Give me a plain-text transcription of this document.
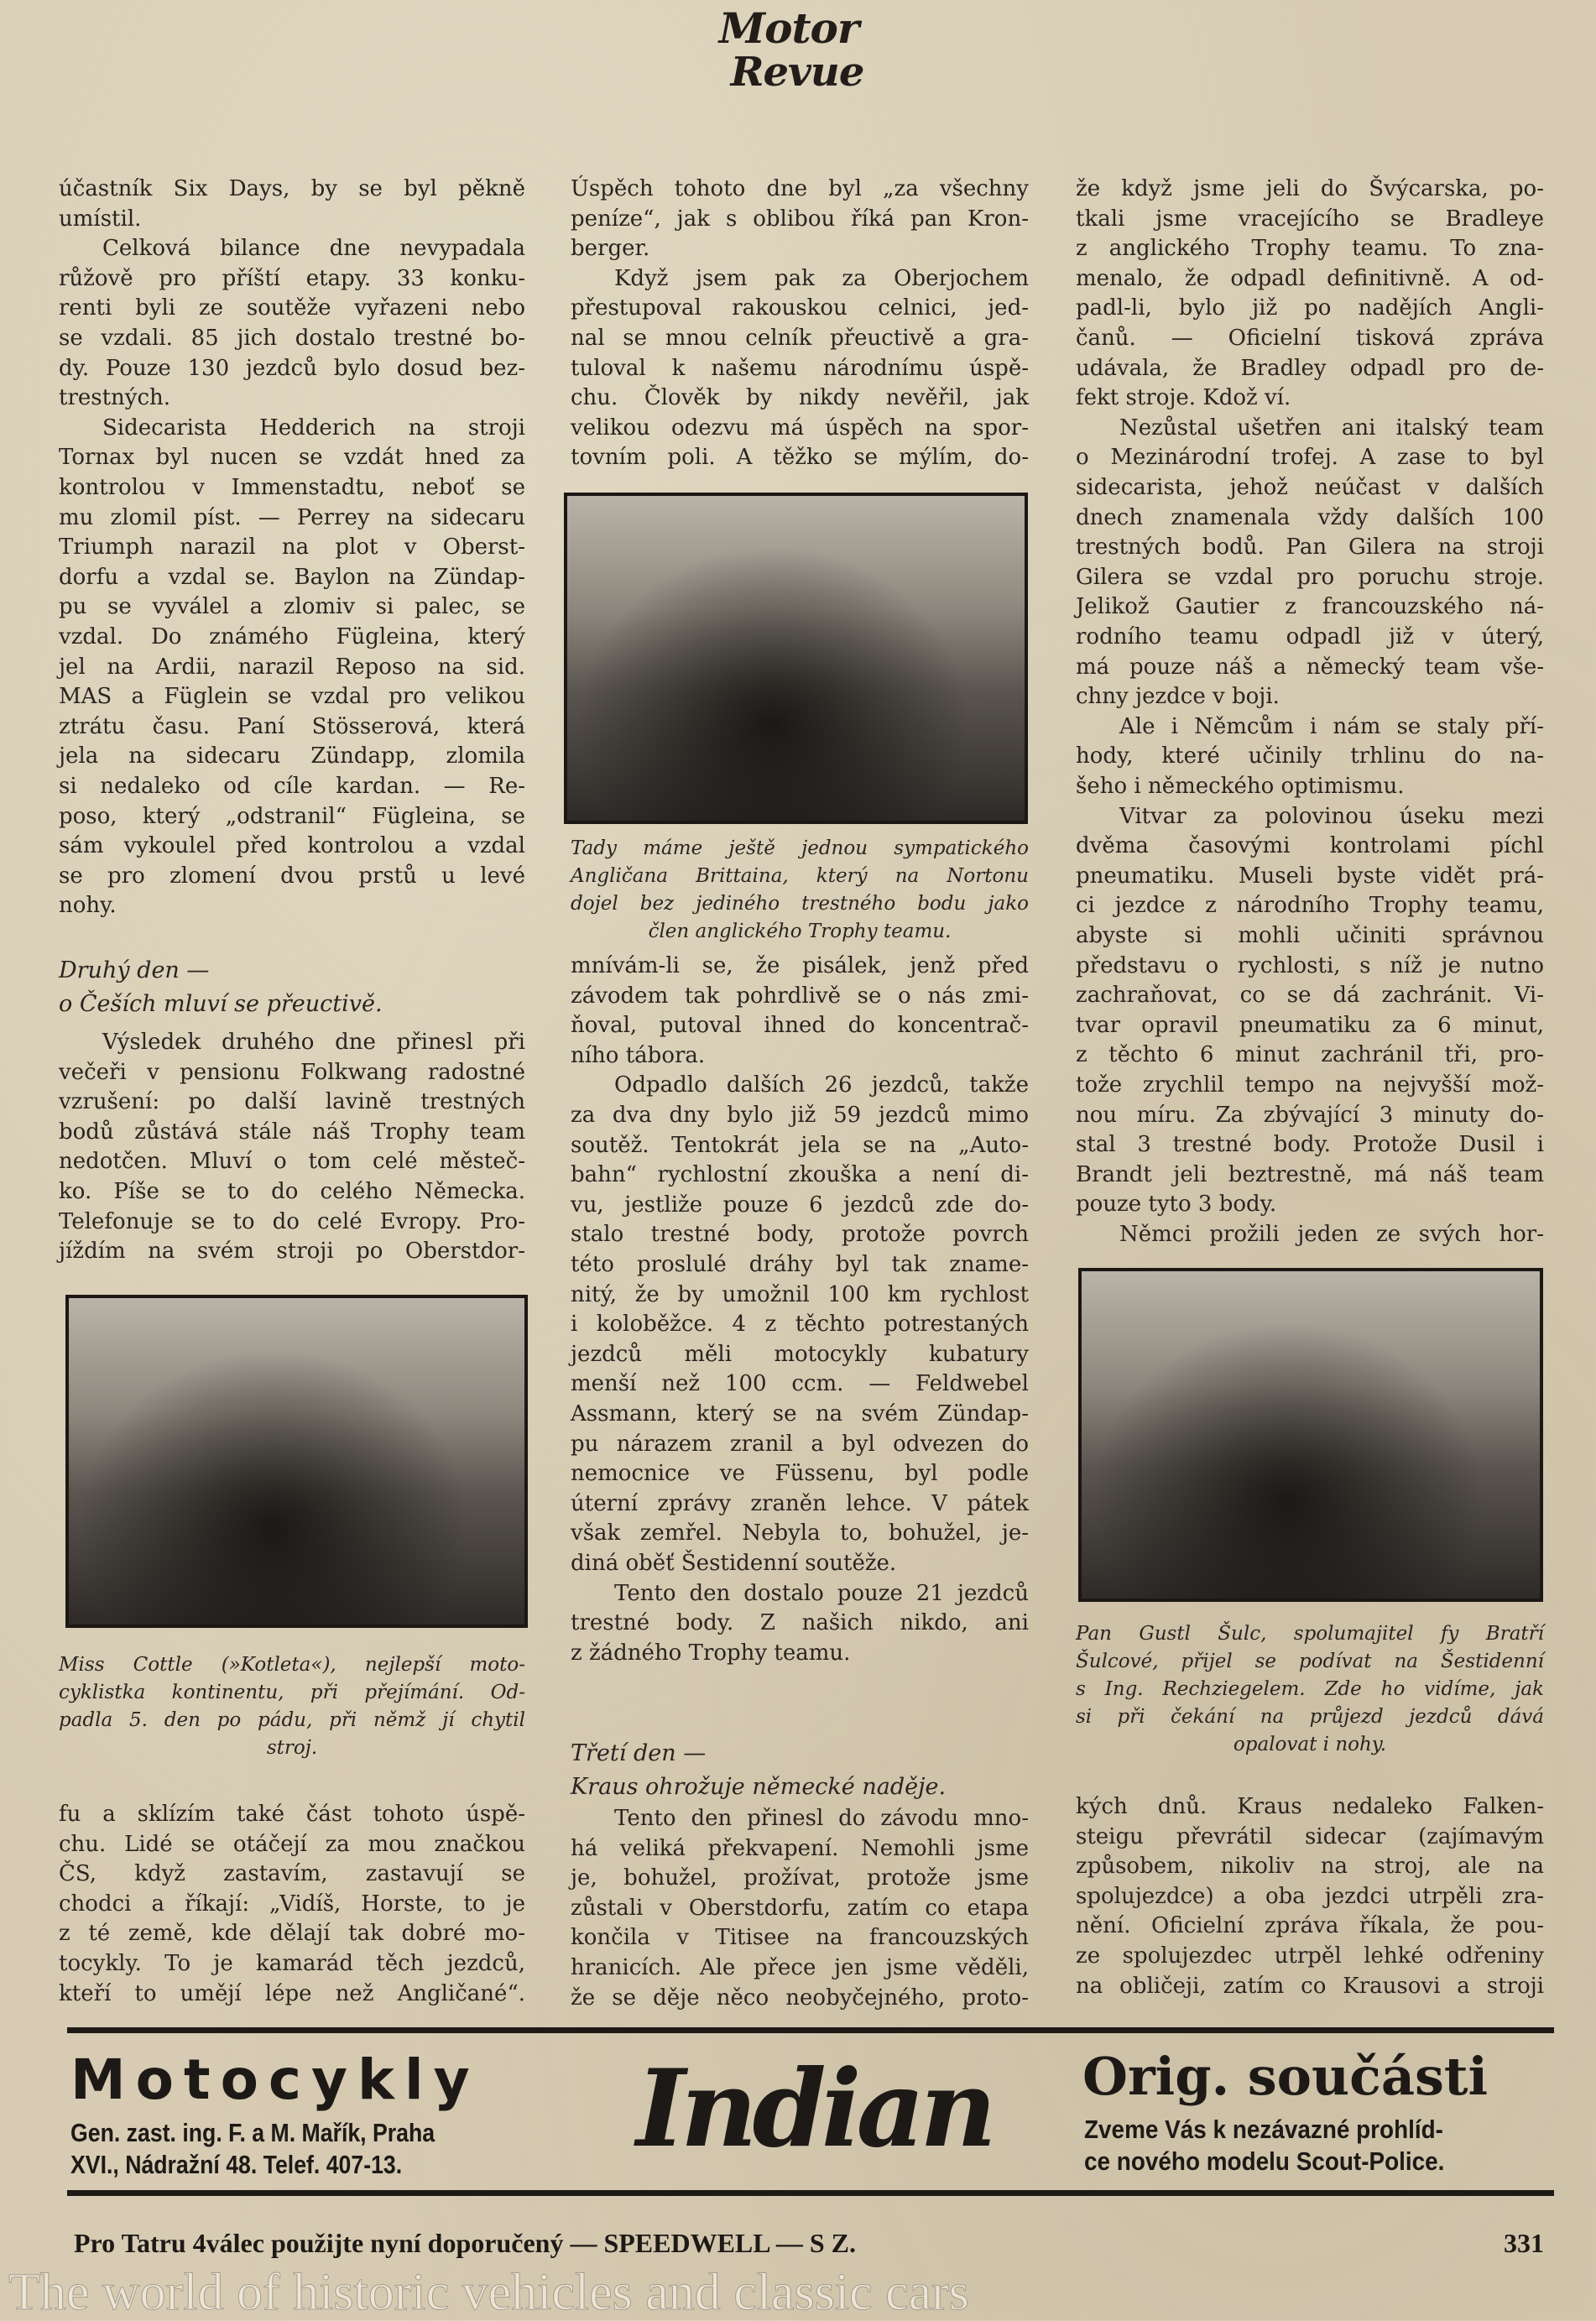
Motor
Revue
účastník Six Days, by se byl pěkně
umístil.
Celková bilance dne nevypadala
růžově pro příští etapy. 33 konku-
renti byli ze soutěže vyřazeni nebo
se vzdali. 85 jich dostalo trestné bo-
dy. Pouze 130 jezdců bylo dosud bez-
trestných.
Sidecarista Hedderich na stroji
Tornax byl nucen se vzdát hned za
kontrolou v Immenstadtu, neboť se
mu zlomil píst. — Perrey na sidecaru
Triumph narazil na plot v Oberst-
dorfu a vzdal se. Baylon na Zündap-
pu se vyválel a zlomiv si palec, se
vzdal. Do známého Fügleina, který
jel na Ardii, narazil Reposo na sid.
MAS a Füglein se vzdal pro velikou
ztrátu času. Paní Stösserová, která
jela na sidecaru Zündapp, zlomila
si nedaleko od cíle kardan. — Re-
poso, který „odstranil“ Fügleina, se
sám vykoulel před kontrolou a vzdal
se pro zlomení dvou prstů u levé
nohy.
Druhý den —
o Češích mluví se přeuctivě.
Výsledek druhého dne přinesl při
večeři v pensionu Folkwang radostné
vzrušení: po další lavině trestných
bodů zůstává stále náš Trophy team
nedotčen. Mluví o tom celé městeč-
ko. Píše se to do celého Německa.
Telefonuje se to do celé Evropy. Pro-
jíždím na svém stroji po Oberstdor-
Miss Cottle (»Kotleta«), nejlepší moto-
cyklistka kontinentu, při přejímání. Od-
padla 5. den po pádu, při němž jí chytil
stroj.
fu a sklízím také část tohoto úspě-
chu. Lidé se otáčejí za mou značkou
ČS, když zastavím, zastavují se
chodci a říkají: „Vidíš, Horste, to je
z té země, kde dělají tak dobré mo-
tocykly. To je kamarád těch jezdců,
kteří to umějí lépe než Angličané“.
Úspěch tohoto dne byl „za všechny
peníze“, jak s oblibou říká pan Kron-
berger.
Když jsem pak za Oberjochem
přestupoval rakouskou celnici, jed-
nal se mnou celník přeuctivě a gra-
tuloval k našemu národnímu úspě-
chu. Člověk by nikdy nevěřil, jak
velikou odezvu má úspěch na spor-
tovním poli. A těžko se mýlím, do-
Tady máme ještě jednou sympatického
Angličana Brittaina, který na Nortonu
dojel bez jediného trestného bodu jako
člen anglického Trophy teamu.
mnívám-li se, že pisálek, jenž před
závodem tak pohrdlivě se o nás zmi-
ňoval, putoval ihned do koncentrač-
ního tábora.
Odpadlo dalších 26 jezdců, takže
za dva dny bylo již 59 jezdců mimo
soutěž. Tentokrát jela se na „Auto-
bahn“ rychlostní zkouška a není di-
vu, jestliže pouze 6 jezdců zde do-
stalo trestné body, protože povrch
této proslulé dráhy byl tak zname-
nitý, že by umožnil 100 km rychlost
i koloběžce. 4 z těchto potrestaných
jezdců měli motocykly kubatury
menší než 100 ccm. — Feldwebel
Assmann, který se na svém Zündap-
pu nárazem zranil a byl odvezen do
nemocnice ve Füssenu, byl podle
úterní zprávy zraněn lehce. V pátek
však zemřel. Nebyla to, bohužel, je-
diná oběť Šestidenní soutěže.
Tento den dostalo pouze 21 jezdců
trestné body. Z našich nikdo, ani
z žádného Trophy teamu.
Třetí den —
Kraus ohrožuje německé naděje.
Tento den přinesl do závodu mno-
há veliká překvapení. Nemohli jsme
je, bohužel, prožívat, protože jsme
zůstali v Oberstdorfu, zatím co etapa
končila v Titisee na francouzských
hranicích. Ale přece jen jsme věděli,
že se děje něco neobyčejného, proto-
že když jsme jeli do Švýcarska, po-
tkali jsme vracejícího se Bradleye
z anglického Trophy teamu. To zna-
menalo, že odpadl definitivně. A od-
padl-li, bylo již po nadějích Angli-
čanů. — Oficielní tisková zpráva
udávala, že Bradley odpadl pro de-
fekt stroje. Kdož ví.
Nezůstal ušetřen ani italský team
o Mezinárodní trofej. A zase to byl
sidecarista, jehož neúčast v dalších
dnech znamenala vždy dalších 100
trestných bodů. Pan Gilera na stroji
Gilera se vzdal pro poruchu stroje.
Jelikož Gautier z francouzského ná-
rodního teamu odpadl již v úterý,
má pouze náš a německý team vše-
chny jezdce v boji.
Ale i Němcům i nám se staly pří-
hody, které učinily trhlinu do na-
šeho i německého optimismu.
Vitvar za polovinou úseku mezi
dvěma časovými kontrolami píchl
pneumatiku. Museli byste vidět prá-
ci jezdce z národního Trophy teamu,
abyste si mohli učiniti správnou
představu o rychlosti, s níž je nutno
zachraňovat, co se dá zachránit. Vi-
tvar opravil pneumatiku za 6 minut,
z těchto 6 minut zachránil tři, pro-
tože zrychlil tempo na nejvyšší mož-
nou míru. Za zbývající 3 minuty do-
stal 3 trestné body. Protože Dusil i
Brandt jeli beztrestně, má náš team
pouze tyto 3 body.
Němci prožili jeden ze svých hor-
Pan Gustl Šulc, spolumajitel fy Bratří
Šulcové, přijel se podívat na Šestidenní
s Ing. Rechziegelem. Zde ho vidíme, jak
si při čekání na průjezd jezdců dává
opalovat i nohy.
kých dnů. Kraus nedaleko Falken-
steigu převrátil sidecar (zajímavým
způsobem, nikoliv na stroj, ale na
spolujezdce) a oba jezdci utrpěli zra-
nění. Oficielní zpráva říkala, že pou-
ze spolujezdec utrpěl lehké odřeniny
na obličeji, zatím co Krausovi a stroji
Motocykly
Gen. zast. ing. F. a M. Mařík, Praha
XVI., Nádražní 48. Telef. 407-13. Indian	Orig. součásti
Zveme Vás k nezávazné prohlíd-
ce nového modelu Scout-Police.
Pro Tatru 4válec použijte nyní doporučený — SPEEDWELL — S Z.	331
The world of historic vehicles and classic cars
